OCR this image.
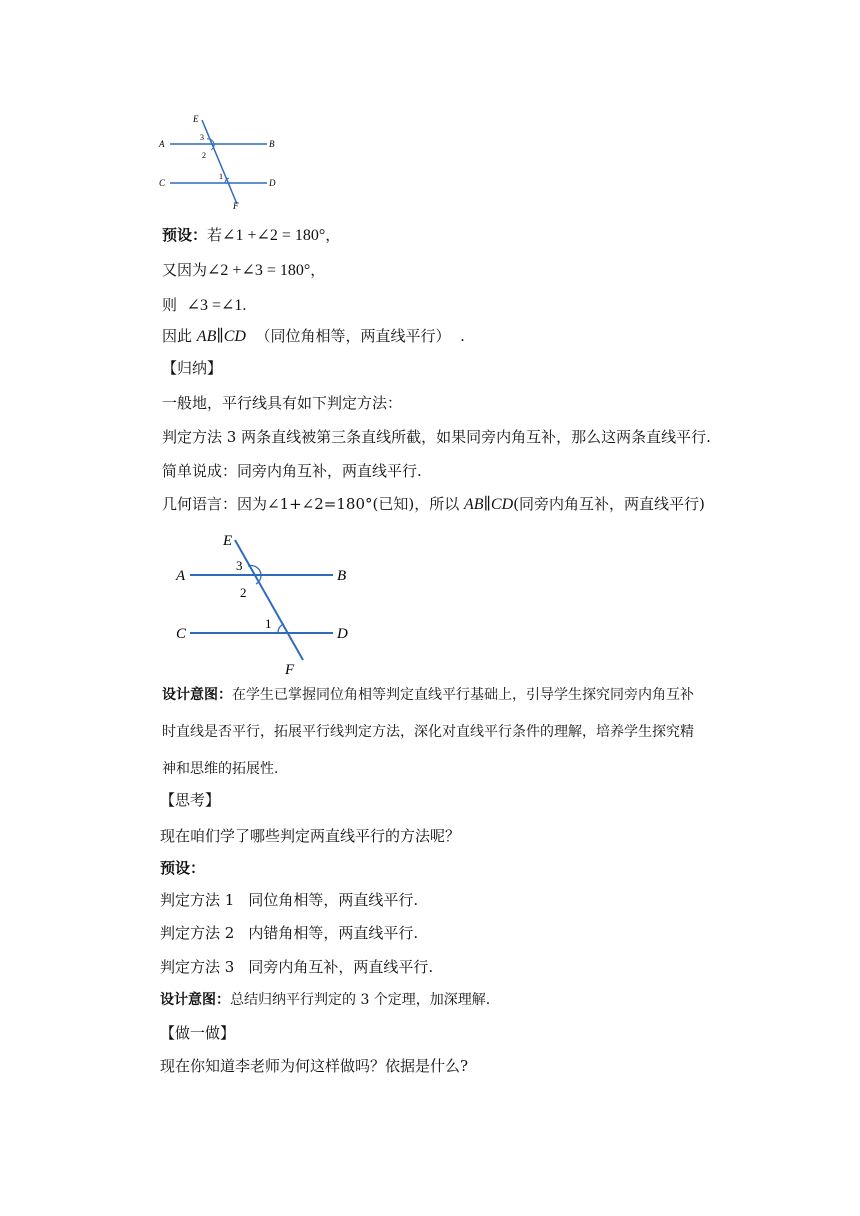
E
A	B
C	D
F
3
2
1
预设：若∠1 +∠2 = 180°，
又因为∠2 +∠3 = 180°，
则 ∠3 =∠1.
因此 AB∥CD （同位角相等，两直线平行） .
【归纳】
一般地，平行线具有如下判定方法：
判定方法 3 两条直线被第三条直线所截，如果同旁内角互补，那么这两条直线平行.
简单说成：同旁内角互补，两直线平行.
几何语言：因为∠1+∠2=180°(已知)，所以 AB∥CD(同旁内角互补，两直线平行)
E
A	B
C	D
F
3
2
1
设计意图：在学生已掌握同位角相等判定直线平行基础上，引导学生探究同旁内角互补时直线是否平行，拓展平行线判定方法，深化对直线平行条件的理解，培养学生探究精神和思维的拓展性.
【思考】
现在咱们学了哪些判定两直线平行的方法呢？
预设：
判定方法 1 同位角相等，两直线平行.
判定方法 2 内错角相等，两直线平行.
判定方法 3 同旁内角互补，两直线平行.
设计意图：总结归纳平行判定的 3 个定理，加深理解.
【做一做】
现在你知道李老师为何这样做吗？依据是什么?
